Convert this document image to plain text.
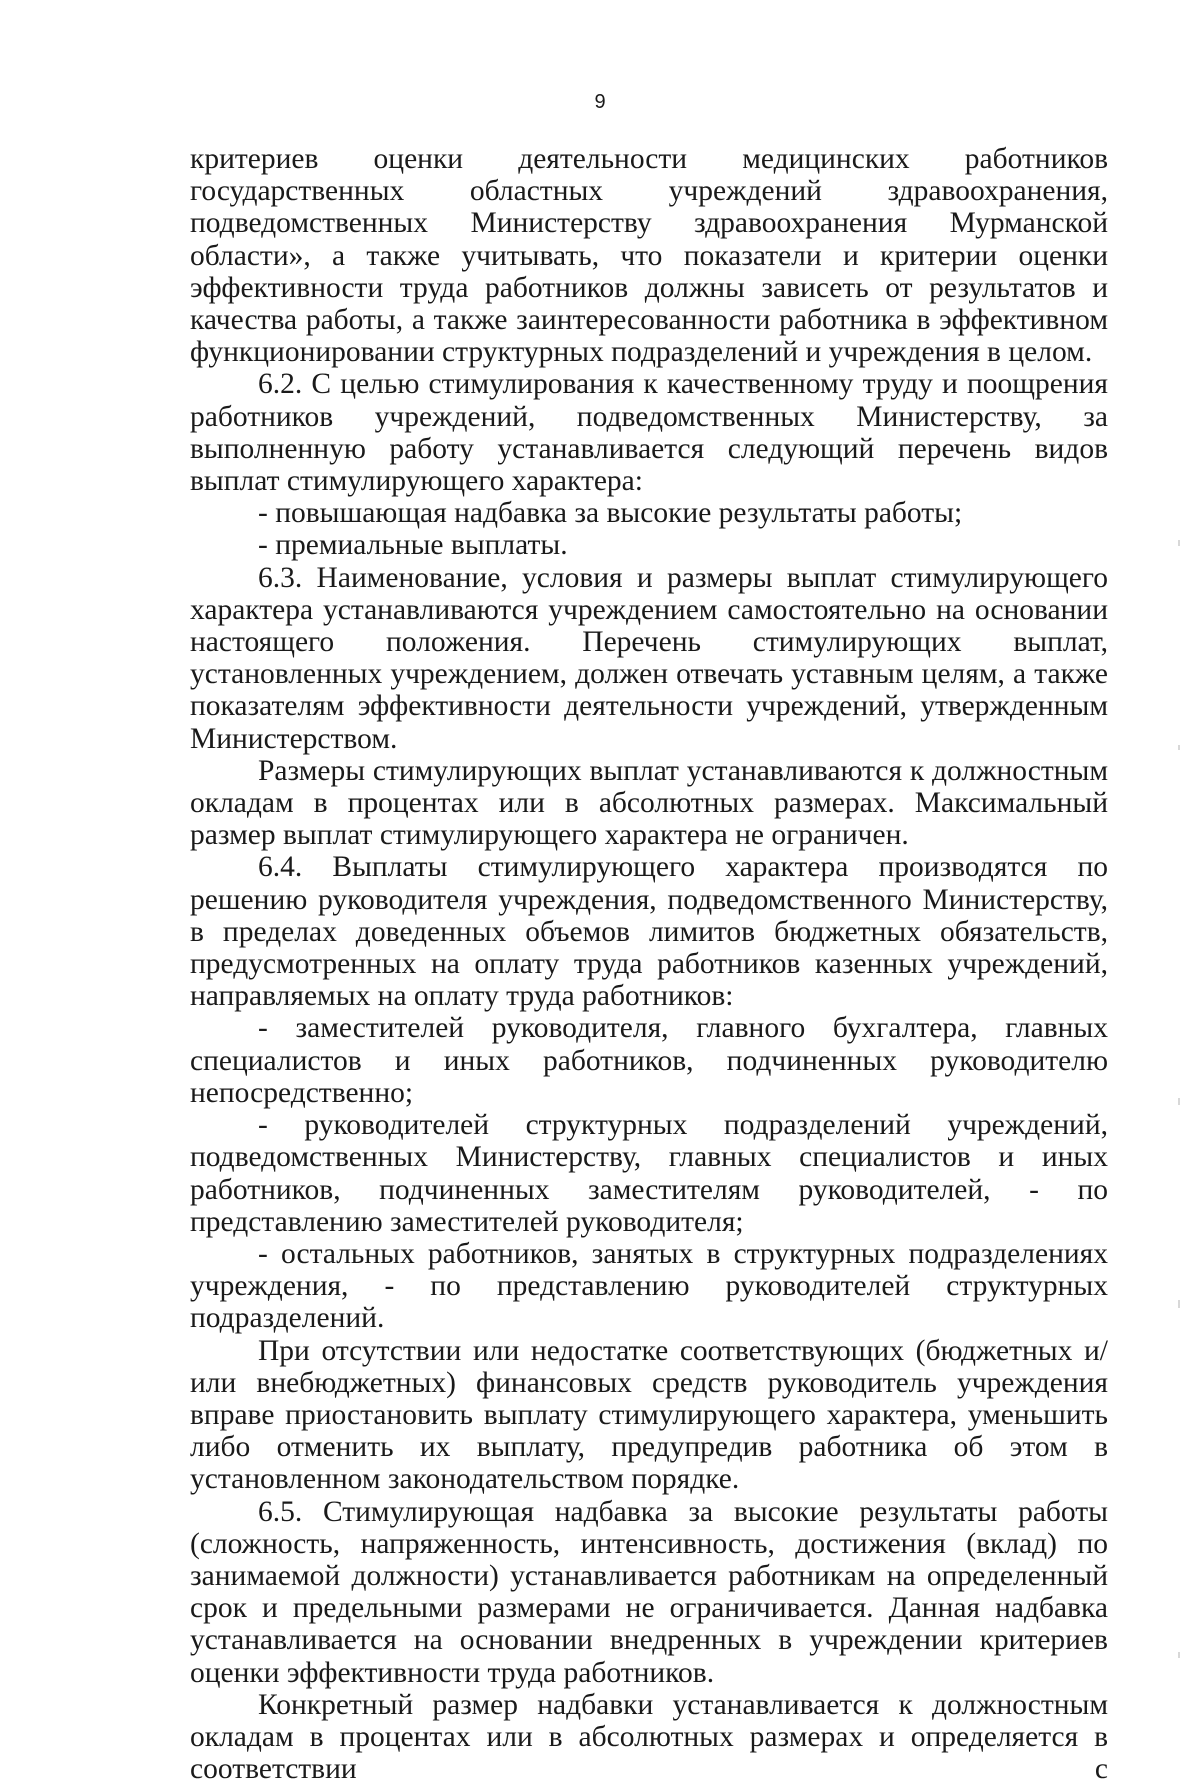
9

критериев оценки деятельности медицинских работников государственных областных учреждений здравоохранения, подведомственных Министерству здравоохранения Мурманской области», а также учитывать, что показатели и критерии оценки эффективности труда работников должны зависеть от результатов и качества работы, а также заинтересованности работника в эффективном функционировании структурных подразделений и учреждения в целом.

6.2. С целью стимулирования к качественному труду и поощрения работников учреждений, подведомственных Министерству, за выполненную работу устанавливается следующий перечень видов выплат стимулирующего характера:

- повышающая надбавка за высокие результаты работы;

- премиальные выплаты.

6.3. Наименование, условия и размеры выплат стимулирующего характера устанавливаются учреждением самостоятельно на основании настоящего положения. Перечень стимулирующих выплат, установленных учреждением, должен отвечать уставным целям, а также показателям эффективности деятельности учреждений, утвержденным Министерством.

Размеры стимулирующих выплат устанавливаются к должностным окладам в процентах или в абсолютных размерах. Максимальный размер выплат стимулирующего характера не ограничен.

6.4. Выплаты стимулирующего характера производятся по решению руководителя учреждения, подведомственного Министерству, в пределах доведенных объемов лимитов бюджетных обязательств, предусмотренных на оплату труда работников казенных учреждений, направляемых на оплату труда работников:

- заместителей руководителя, главного бухгалтера, главных специалистов и иных работников, подчиненных руководителю непосредственно;

- руководителей структурных подразделений учреждений, подведомственных Министерству, главных специалистов и иных работников, подчиненных заместителям руководителей, - по представлению заместителей руководителя;

- остальных работников, занятых в структурных подразделениях учреждения, - по представлению руководителей структурных подразделений.

При отсутствии или недостатке соответствующих (бюджетных и/или внебюджетных) финансовых средств руководитель учреждения вправе приостановить выплату стимулирующего характера, уменьшить либо отменить их выплату, предупредив работника об этом в установленном законодательством порядке.

6.5. Стимулирующая надбавка за высокие результаты работы (сложность, напряженность, интенсивность, достижения (вклад) по занимаемой должности) устанавливается работникам на определенный срок и предельными размерами не ограничивается. Данная надбавка устанавливается на основании внедренных в учреждении критериев оценки эффективности труда работников.

Конкретный размер надбавки устанавливается к должностным окладам в процентах или в абсолютных размерах и определяется в соответствии с
